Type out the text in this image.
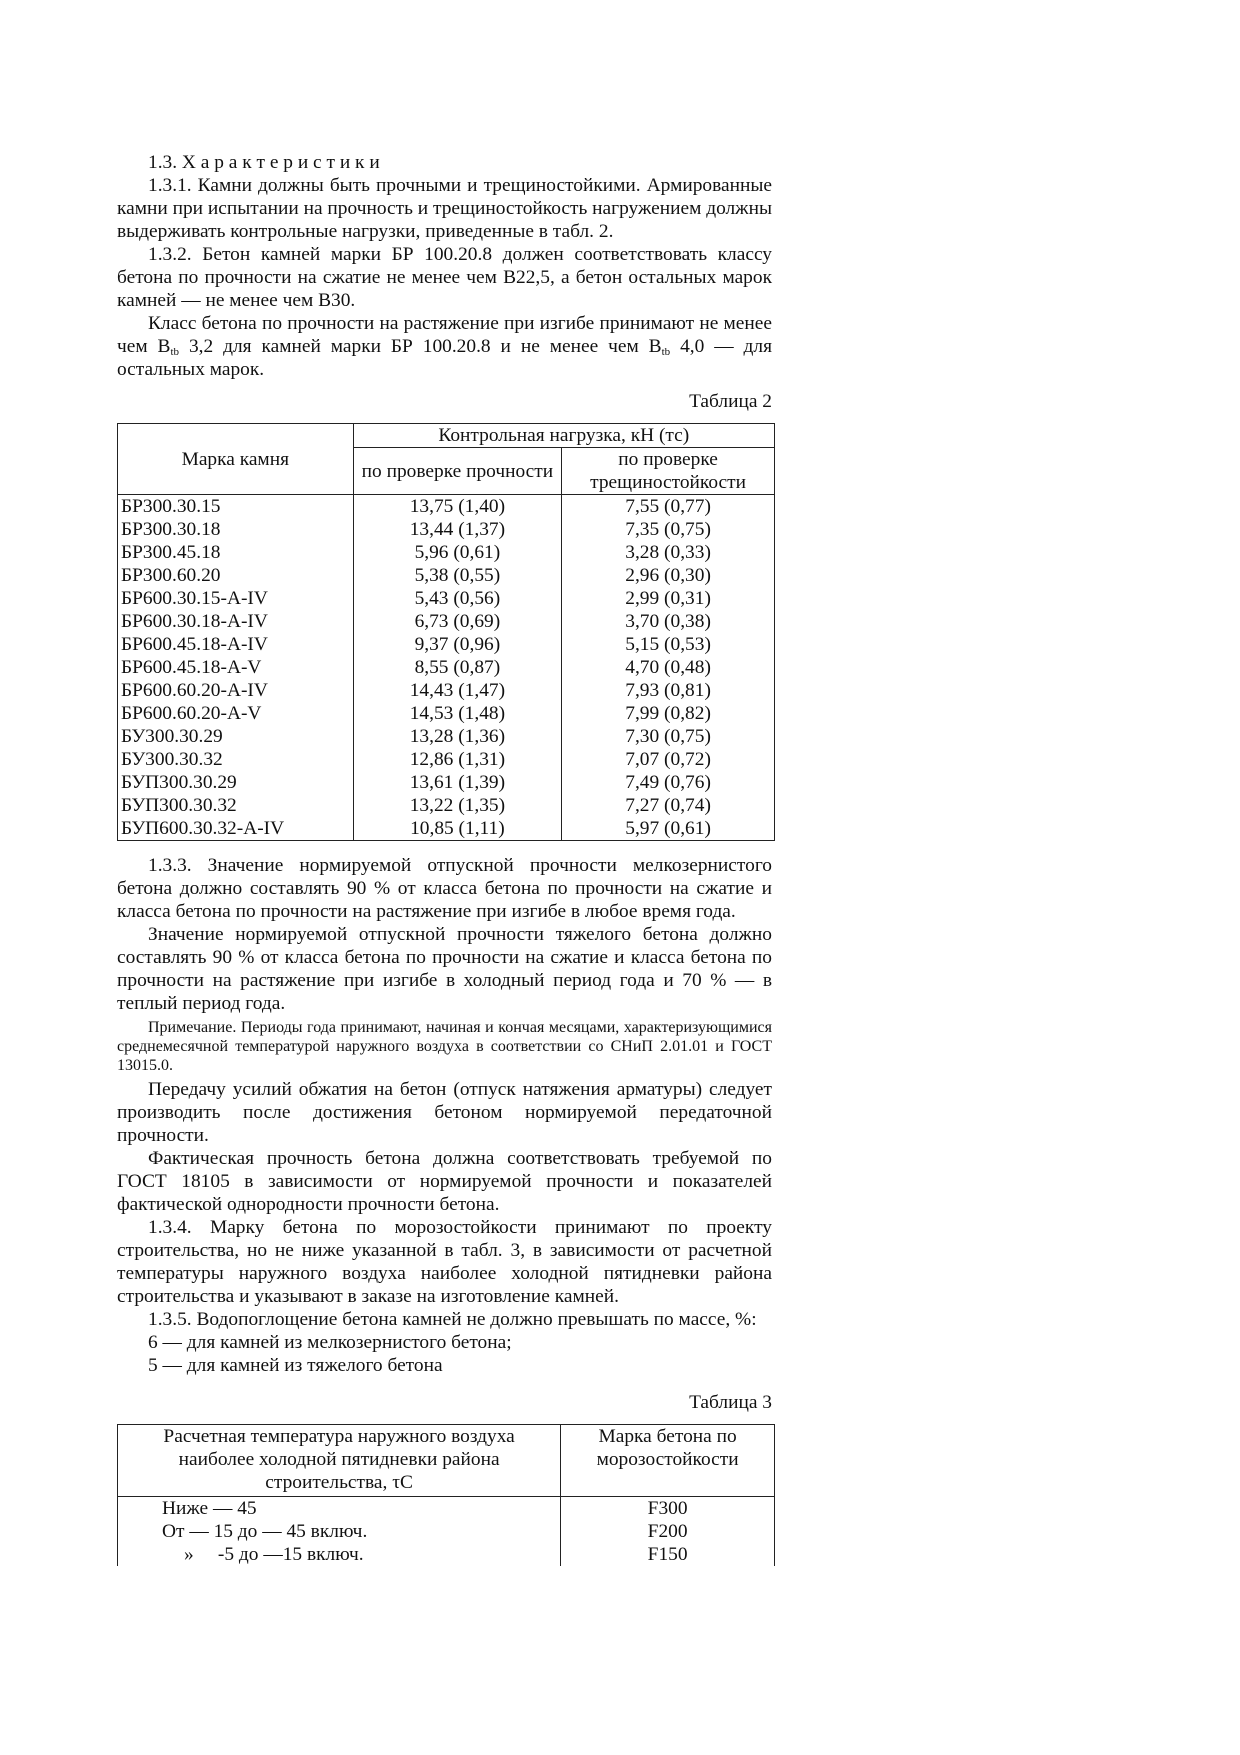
1.3. Х а р а к т е р и с т и к и

1.3.1. Камни должны быть прочными и трещиностойкими. Армированные камни при испытании на прочность и трещиностойкость нагружением должны выдерживать контрольные нагрузки, приведенные в табл. 2.

1.3.2. Бетон камней марки БР 100.20.8 должен соответствовать классу бетона по прочности на сжатие не менее чем В22,5, а бетон остальных марок камней — не менее чем В30.

Класс бетона по прочности на растяжение при изгибе принимают не менее чем $В_{tb}$ 3,2 для камней марки БР 100.20.8 и не менее чем $В_{tb}$ 4,0 — для остальных марок.

Таблица 2

Марка камня	Контрольная нагрузка, кН (тс)	
	по проверке прочности	по проверке трещиностойкости
БР300.30.15	13,75 (1,40)	7,55 (0,77)
БР300.30.18	13,44 (1,37)	7,35 (0,75)
БР300.45.18	5,96 (0,61)	3,28 (0,33)
БР300.60.20	5,38 (0,55)	2,96 (0,30)
БР600.30.15-А-IV	5,43 (0,56)	2,99 (0,31)
БР600.30.18-А-IV	6,73 (0,69)	3,70 (0,38)
БР600.45.18-А-IV	9,37 (0,96)	5,15 (0,53)
БР600.45.18-А-V	8,55 (0,87)	4,70 (0,48)
БР600.60.20-А-IV	14,43 (1,47)	7,93 (0,81)
БР600.60.20-А-V	14,53 (1,48)	7,99 (0,82)
БУ300.30.29	13,28 (1,36)	7,30 (0,75)
БУ300.30.32	12,86 (1,31)	7,07 (0,72)
БУП300.30.29	13,61 (1,39)	7,49 (0,76)
БУП300.30.32	13,22 (1,35)	7,27 (0,74)
БУП600.30.32-А-IV	10,85 (1,11)	5,97 (0,61)

1.3.3. Значение нормируемой отпускной прочности мелкозернистого бетона должно составлять 90 % от класса бетона по прочности на сжатие и класса бетона по прочности на растяжение при изгибе в любое время года.

Значение нормируемой отпускной прочности тяжелого бетона должно составлять 90 % от класса бетона по прочности на сжатие и класса бетона по прочности на растяжение при изгибе в холодный период года и 70 % — в теплый период года.

Примечание. Периоды года принимают, начиная и кончая месяцами, характеризующимися среднемесячной температурой наружного воздуха в соответствии со СНиП 2.01.01 и ГОСТ 13015.0.

Передачу усилий обжатия на бетон (отпуск натяжения арматуры) следует производить после достижения бетоном нормируемой передаточной прочности.

Фактическая прочность бетона должна соответствовать требуемой по ГОСТ 18105 в зависимости от нормируемой прочности и показателей фактической однородности прочности бетона.

1.3.4. Марку бетона по морозостойкости принимают по проекту строительства, но не ниже указанной в табл. 3, в зависимости от расчетной температуры наружного воздуха наиболее холодной пятидневки района строительства и указывают в заказе на изготовление камней.

1.3.5. Водопоглощение бетона камней не должно превышать по массе, %:

6 — для камней из мелкозернистого бетона;

5 — для камней из тяжелого бетона

Таблица 3

Расчетная температура наружного воздуха наиболее холодной пятидневки района строительства, τС	Марка бетона по морозостойкости
Ниже — 45	F300
От — 15 до — 45 включ.	F200
»     -5 до —15 включ.	F150
